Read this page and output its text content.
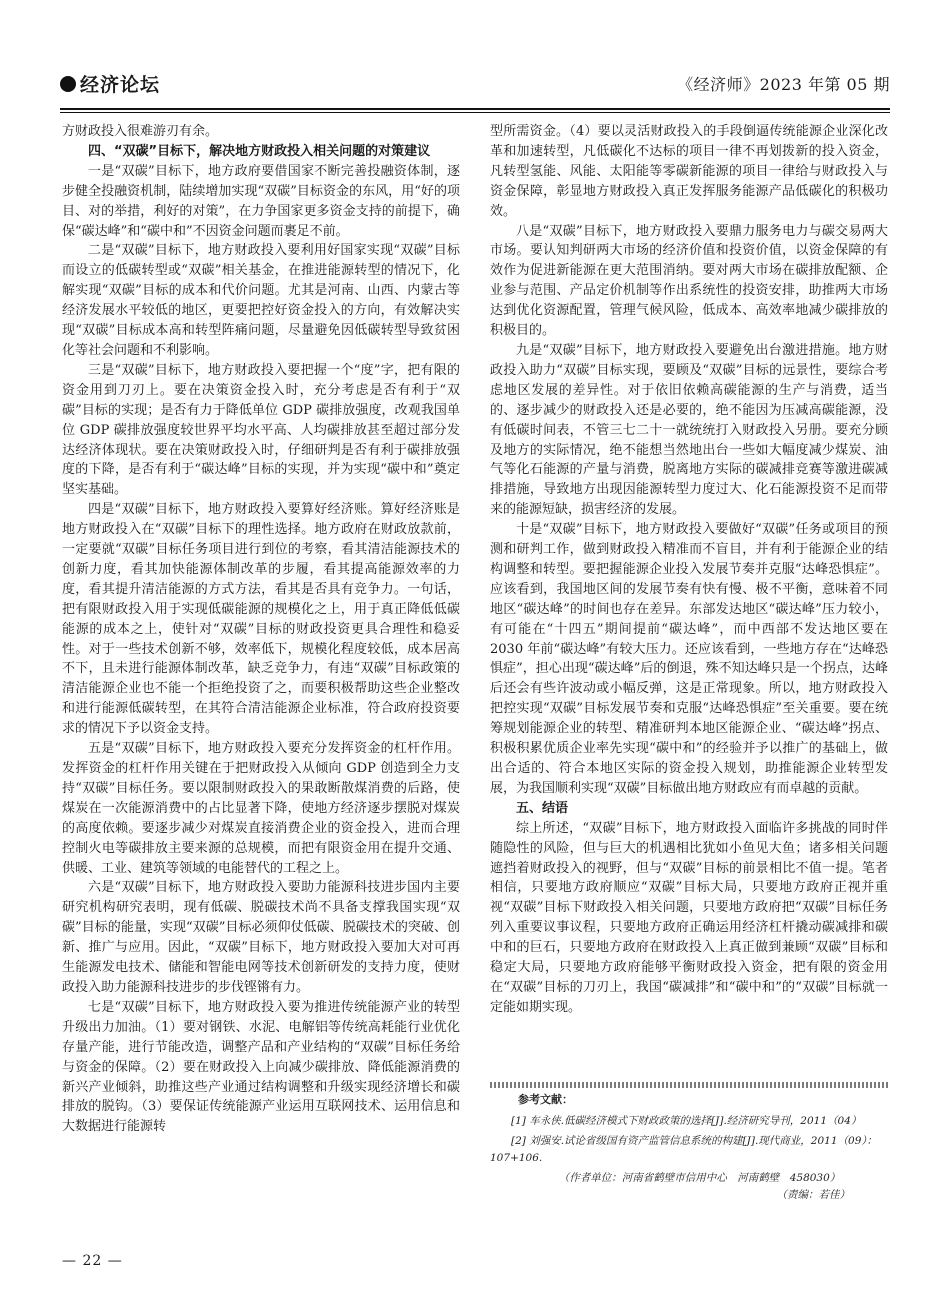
经济论坛	《经济师》2023 年第 05 期

方财政投入很难游刃有余。

四、“双碳”目标下，解决地方财政投入相关问题的对策建议

一是“双碳”目标下，地方政府要借国家不断完善投融资体制，逐步健全投融资机制，陆续增加实现“双碳”目标资金的东风，用“好的项目、对的举措，利好的对策”，在力争国家更多资金支持的前提下，确保“碳达峰”和“碳中和”不因资金问题而裹足不前。

二是“双碳”目标下，地方财政投入要利用好国家实现“双碳”目标而设立的低碳转型或“双碳”相关基金，在推进能源转型的情况下，化解实现“双碳”目标的成本和代价问题。尤其是河南、山西、内蒙古等经济发展水平较低的地区，更要把控好资金投入的方向，有效解决实现“双碳”目标成本高和转型阵痛问题，尽量避免因低碳转型导致贫困化等社会问题和不利影响。

三是“双碳”目标下，地方财政投入要把握一个“度”字，把有限的资金用到刀刃上。要在决策资金投入时，充分考虑是否有利于“双碳”目标的实现；是否有力于降低单位 GDP 碳排放强度，改观我国单位 GDP 碳排放强度较世界平均水平高、人均碳排放甚至超过部分发达经济体现状。要在决策财政投入时，仔细研判是否有利于碳排放强度的下降，是否有利于“碳达峰”目标的实现，并为实现“碳中和”奠定坚实基础。

四是“双碳”目标下，地方财政投入要算好经济账。算好经济账是地方财政投入在“双碳”目标下的理性选择。地方政府在财政放款前，一定要就“双碳”目标任务项目进行到位的考察，看其清洁能源技术的创新力度，看其加快能源体制改革的步履，看其提高能源效率的力度，看其提升清洁能源的方式方法，看其是否具有竞争力。一句话，把有限财政投入用于实现低碳能源的规模化之上，用于真正降低低碳能源的成本之上，使针对“双碳”目标的财政投资更具合理性和稳妥性。对于一些技术创新不够，效率低下，规模化程度较低，成本居高不下，且未进行能源体制改革，缺乏竞争力，有违“双碳”目标政策的清洁能源企业也不能一个拒绝投资了之，而要积极帮助这些企业整改和进行能源低碳转型，在其符合清洁能源企业标准，符合政府投资要求的情况下予以资金支持。

五是“双碳”目标下，地方财政投入要充分发挥资金的杠杆作用。发挥资金的杠杆作用关键在于把财政投入从倾向 GDP 创造到全力支持“双碳”目标任务。要以限制财政投入的果敢断散煤消费的后路，使煤炭在一次能源消费中的占比显著下降，使地方经济逐步摆脱对煤炭的高度依赖。要逐步减少对煤炭直接消费企业的资金投入，进而合理控制火电等碳排放主要来源的总规模，而把有限资金用在提升交通、供暖、工业、建筑等领域的电能替代的工程之上。

六是“双碳”目标下，地方财政投入要助力能源科技进步国内主要研究机构研究表明，现有低碳、脱碳技术尚不具备支撑我国实现“双碳”目标的能量，实现“双碳”目标必须仰仗低碳、脱碳技术的突破、创新、推广与应用。因此，“双碳”目标下，地方财政投入要加大对可再生能源发电技术、储能和智能电网等技术创新研发的支持力度，使财政投入助力能源科技进步的步伐铿锵有力。

七是“双碳”目标下，地方财政投入要为推进传统能源产业的转型升级出力加油。（1）要对钢铁、水泥、电解铝等传统高耗能行业优化存量产能，进行节能改造，调整产品和产业结构的“双碳”目标任务给与资金的保障。（2）要在财政投入上向减少碳排放、降低能源消费的新兴产业倾斜，助推这些产业通过结构调整和升级实现经济增长和碳排放的脱钩。（3）要保证传统能源产业运用互联网技术、运用信息和大数据进行能源转

型所需资金。（4）要以灵活财政投入的手段倒逼传统能源企业深化改革和加速转型，凡低碳化不达标的项目一律不再划拨新的投入资金，凡转型氢能、风能、太阳能等零碳新能源的项目一律给与财政投入与资金保障，彰显地方财政投入真正发挥服务能源产品低碳化的积极功效。

八是“双碳”目标下，地方财政投入要鼎力服务电力与碳交易两大市场。要认知判研两大市场的经济价值和投资价值，以资金保障的有效作为促进新能源在更大范围消纳。要对两大市场在碳排放配额、企业参与范围、产品定价机制等作出系统性的投资安排，助推两大市场达到优化资源配置，管理气候风险，低成本、高效率地减少碳排放的积极目的。

九是“双碳”目标下，地方财政投入要避免出台激进措施。地方财政投入助力“双碳”目标实现，要顾及“双碳”目标的远景性，要综合考虑地区发展的差异性。对于依旧依赖高碳能源的生产与消费，适当的、逐步减少的财政投入还是必要的，绝不能因为压减高碳能源，没有低碳时间表，不管三七二十一就统统打入财政投入另册。要充分顾及地方的实际情况，绝不能想当然地出台一些如大幅度减少煤炭、油气等化石能源的产量与消费，脱离地方实际的碳减排竞赛等激进碳减排措施，导致地方出现因能源转型力度过大、化石能源投资不足而带来的能源短缺，损害经济的发展。

十是“双碳”目标下，地方财政投入要做好“双碳”任务或项目的预测和研判工作，做到财政投入精准而不盲目，并有利于能源企业的结构调整和转型。要把握能源企业投入发展节奏并克服“达峰恐惧症”。应该看到，我国地区间的发展节奏有快有慢、极不平衡，意味着不同地区“碳达峰”的时间也存在差异。东部发达地区“碳达峰”压力较小，有可能在“十四五”期间提前“碳达峰”，而中西部不发达地区要在 2030 年前“碳达峰”有较大压力。还应该看到，一些地方存在“达峰恐惧症”，担心出现“碳达峰”后的倒退，殊不知达峰只是一个拐点，达峰后还会有些许波动或小幅反弹，这是正常现象。所以，地方财政投入把控实现“双碳”目标发展节奏和克服“达峰恐惧症”至关重要。要在统筹规划能源企业的转型、精准研判本地区能源企业、“碳达峰”拐点、积极积累优质企业率先实现“碳中和”的经验并予以推广的基础上，做出合适的、符合本地区实际的资金投入规划，助推能源企业转型发展，为我国顺利实现“双碳”目标做出地方财政应有而卓越的贡献。

五、结语

综上所述，“双碳”目标下，地方财政投入面临许多挑战的同时伴随隐性的风险，但与巨大的机遇相比犹如小鱼见大鱼；诸多相关问题遮挡着财政投入的视野，但与“双碳”目标的前景相比不值一提。笔者相信，只要地方政府顺应“双碳”目标大局，只要地方政府正视并重视“双碳”目标下财政投入相关问题，只要地方政府把“双碳”目标任务列入重要议事议程，只要地方政府正确运用经济杠杆撬动碳减排和碳中和的巨石，只要地方政府在财政投入上真正做到兼顾“双碳”目标和稳定大局，只要地方政府能够平衡财政投入资金，把有限的资金用在“双碳”目标的刀刃上，我国“碳减排”和“碳中和”的“双碳”目标就一定能如期实现。

参考文献：
[1] 车永侠.低碳经济模式下财政政策的选择[J].经济研究导刊，2011（04）
[2] 刘强安.试论省级国有资产监管信息系统的构建[J].现代商业，2011（09）：107+106.
（作者单位：河南省鹤壁市信用中心　河南鹤壁　458030）
（责编：若佳）
— 22 —
